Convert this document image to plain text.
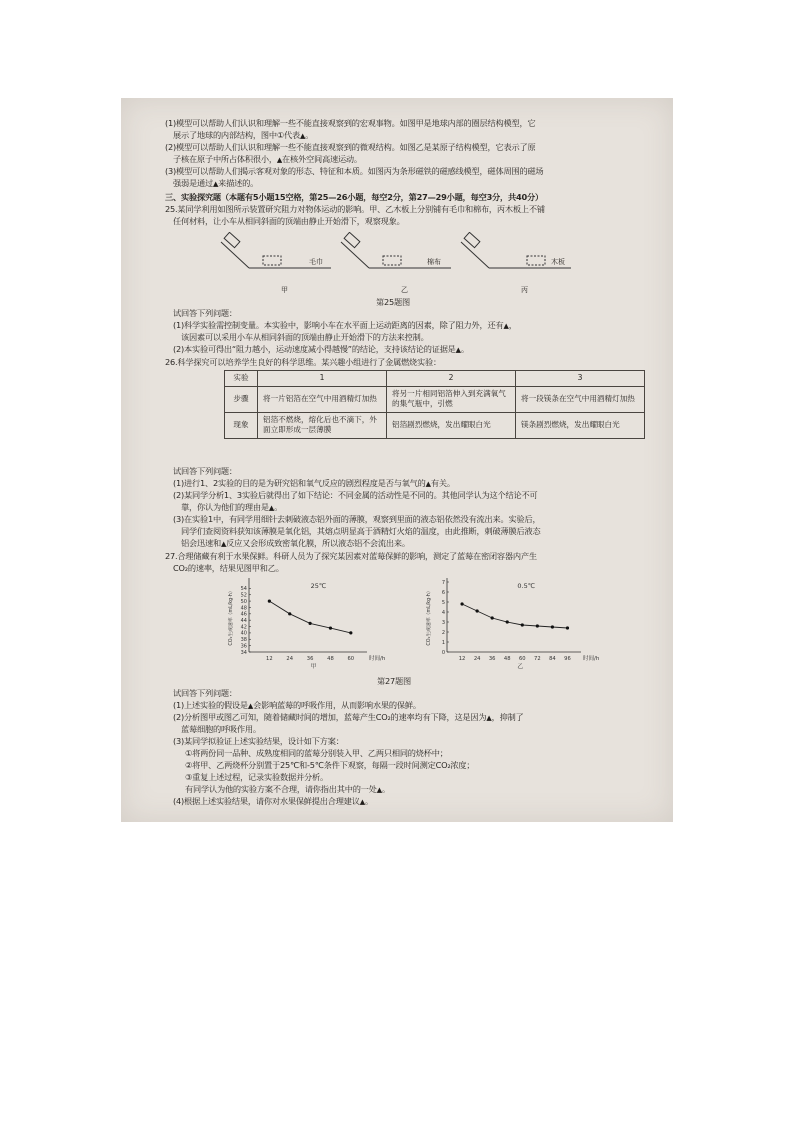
(1)模型可以帮助人们认识和理解一些不能直接观察到的宏观事物。如图甲是地球内部的圈层结构模型，它
展示了地球的内部结构，图中①代表▲。
(2)模型可以帮助人们认识和理解一些不能直接观察到的微观结构。如图乙是某原子结构模型，它表示了原
子核在原子中所占体积很小，▲在核外空间高速运动。
(3)模型可以帮助人们揭示客观对象的形态、特征和本质。如图丙为条形磁铁的磁感线模型，磁体周围的磁场
强弱是通过▲来描述的。
三、实验探究题（本题有5小题15空格，第25—26小题，每空2分，第27—29小题，每空3分，共40分）
25.某同学利用如图所示装置研究阻力对物体运动的影响。甲、乙木板上分别铺有毛巾和棉布，丙木板上不铺
任何材料，让小车从相同斜面的顶端由静止开始滑下，观察现象。
毛巾	棉布	木板
甲	乙	丙
第25题图
试回答下列问题：
(1)科学实验需控制变量。本实验中，影响小车在水平面上运动距离的因素，除了阻力外，还有▲，
该因素可以采用小车从相同斜面的顶端由静止开始滑下的方法来控制。
(2)本实验可得出“阻力越小，运动速度减小得越慢”的结论，支持该结论的证据是▲。
26.科学探究可以培养学生良好的科学思维。某兴趣小组进行了金属燃烧实验：
实验	1	2	3
步骤	将一片铝箔在空气中用酒精灯加热	将另一片相同铝箔伸入到充满氧气的集气瓶中，引燃	将一段镁条在空气中用酒精灯加热
现象	铝箔不燃烧，熔化后也不滴下，外面立即形成一层薄膜	铝箔剧烈燃烧，发出耀眼白光	镁条剧烈燃烧，发出耀眼白光
试回答下列问题：
(1)进行1、2实验的目的是为研究铝和氧气反应的剧烈程度是否与氧气的▲有关。
(2)某同学分析1、3实验后就得出了如下结论：不同金属的活动性是不同的。其他同学认为这个结论不可
靠，你认为他们的理由是▲。
(3)在实验1中，有同学用细针去刺破液态铝外面的薄膜，观察到里面的液态铝依然没有流出来。实验后，
同学们查阅资料获知该薄膜是氧化铝，其熔点明显高于酒精灯火焰的温度，由此推断，刺破薄膜后液态
铝会迅速和▲反应又会形成致密氧化膜，所以液态铝不会流出来。
27.合理储藏有利于水果保鲜。科研人员为了探究某因素对蓝莓保鲜的影响，测定了蓝莓在密闭容器内产生
CO₂的速率，结果见图甲和乙。
34
36
38
40
42
44
46
48
50
52
54
12	24	36	48	60	时间/h
CO₂生成速率（mL/kg·h）
25℃
甲
0
1
2
3
4
5
6
7
12 24 36 48 60 72 84 96 时间/h
CO₂生成速率（mL/kg·h）
0.5℃
乙
第27题图
试回答下列问题：
(1)上述实验的假设是▲会影响蓝莓的呼吸作用，从而影响水果的保鲜。
(2)分析图甲或图乙可知，随着储藏时间的增加，蓝莓产生CO₂的速率均有下降，这是因为▲，抑制了
蓝莓细胞的呼吸作用。
(3)某同学拟验证上述实验结果，设计如下方案：
①将两份同一品种、成熟度相同的蓝莓分别装入甲、乙两只相同的烧杯中；
②将甲、乙两烧杯分别置于25℃和-5℃条件下观察，每隔一段时间测定CO₂浓度；
③重复上述过程，记录实验数据并分析。
有同学认为他的实验方案不合理，请你指出其中的一处▲。
(4)根据上述实验结果，请你对水果保鲜提出合理建议▲。
